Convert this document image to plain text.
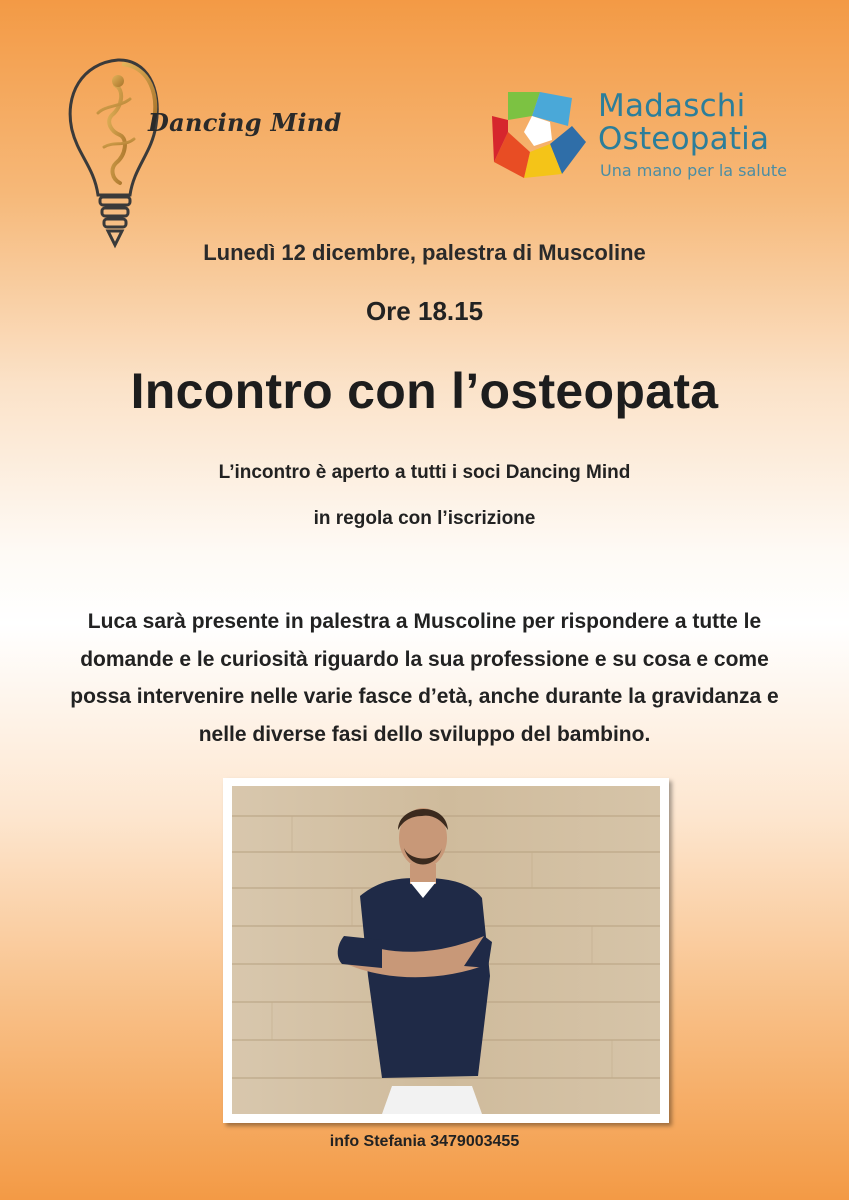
Dancing Mind	Madaschi
Osteopatia
Una mano per la salute
Lunedì 12 dicembre, palestra di Muscoline
Ore 18.15
Incontro con l’osteopata
L’incontro è aperto a tutti i soci Dancing Mind
in regola con l’iscrizione
Luca sarà presente in palestra a Muscoline per rispondere a tutte le domande e le curiosità riguardo la sua professione e su cosa e come possa intervenire nelle varie fasce d’età, anche durante la gravidanza e nelle diverse fasi dello sviluppo del bambino.
info Stefania 3479003455
